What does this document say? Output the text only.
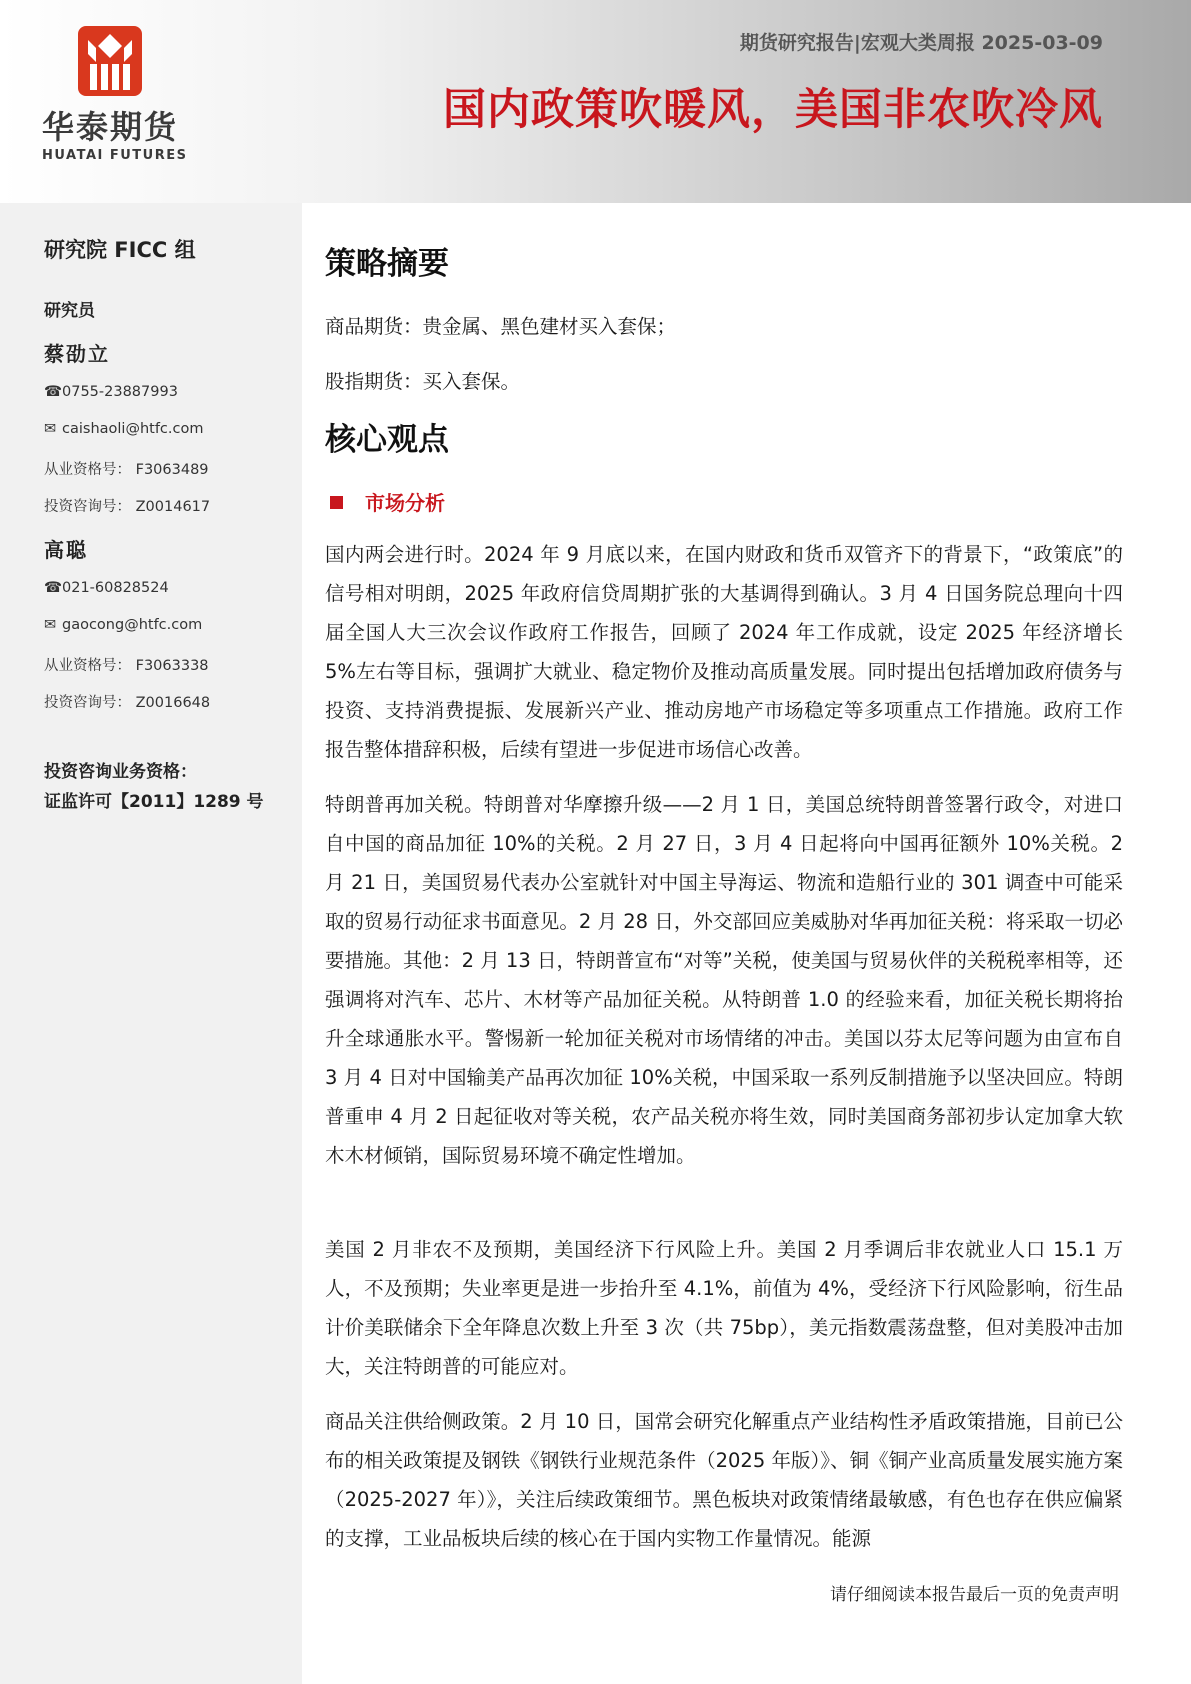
华泰期货
HUATAI FUTURES
期货研究报告|宏观大类周报 2025-03-09
国内政策吹暖风，美国非农吹冷风
研究院 FICC 组
研究员
蔡劭立
☎0755-23887993
✉ caishaoli@htfc.com
从业资格号： F3063489
投资咨询号： Z0014617
高聪
☎021-60828524
✉ gaocong@htfc.com
从业资格号： F3063338
投资咨询号： Z0016648
投资咨询业务资格：
证监许可【2011】1289 号
策略摘要
商品期货：贵金属、黑色建材买入套保；
股指期货：买入套保。
核心观点
市场分析

国内两会进行时。2024 年 9 月底以来，在国内财政和货币双管齐下的背景下，“政策底”的信号相对明朗，2025 年政府信贷周期扩张的大基调得到确认。3 月 4 日国务院总理向十四届全国人大三次会议作政府工作报告，回顾了 2024 年工作成就，设定 2025 年经济增长 5%左右等目标，强调扩大就业、稳定物价及推动高质量发展。同时提出包括增加政府债务与投资、支持消费提振、发展新兴产业、推动房地产市场稳定等多项重点工作措施。政府工作报告整体措辞积极，后续有望进一步促进市场信心改善。

特朗普再加关税。特朗普对华摩擦升级——2 月 1 日，美国总统特朗普签署行政令，对进口自中国的商品加征 10%的关税。2 月 27 日，3 月 4 日起将向中国再征额外 10%关税。2 月 21 日，美国贸易代表办公室就针对中国主导海运、物流和造船行业的 301 调查中可能采取的贸易行动征求书面意见。2 月 28 日，外交部回应美威胁对华再加征关税：将采取一切必要措施。其他：2 月 13 日，特朗普宣布“对等”关税，使美国与贸易伙伴的关税税率相等，还强调将对汽车、芯片、木材等产品加征关税。从特朗普 1.0 的经验来看，加征关税长期将抬升全球通胀水平。警惕新一轮加征关税对市场情绪的冲击。美国以芬太尼等问题为由宣布自 3 月 4 日对中国输美产品再次加征 10%关税，中国采取一系列反制措施予以坚决回应。特朗普重申 4 月 2 日起征收对等关税，农产品关税亦将生效，同时美国商务部初步认定加拿大软木木材倾销，国际贸易环境不确定性增加。

美国 2 月非农不及预期，美国经济下行风险上升。美国 2 月季调后非农就业人口 15.1 万人，不及预期；失业率更是进一步抬升至 4.1%，前值为 4%，受经济下行风险影响，衍生品计价美联储余下全年降息次数上升至 3 次（共 75bp），美元指数震荡盘整，但对美股冲击加大，关注特朗普的可能应对。

商品关注供给侧政策。2 月 10 日，国常会研究化解重点产业结构性矛盾政策措施，目前已公布的相关政策提及钢铁《钢铁行业规范条件（2025 年版）》、铜《铜产业高质量发展实施方案（2025-2027 年）》，关注后续政策细节。黑色板块对政策情绪最敏感，有色也存在供应偏紧的支撑，工业品板块后续的核心在于国内实物工作量情况。能源

请仔细阅读本报告最后一页的免责声明
